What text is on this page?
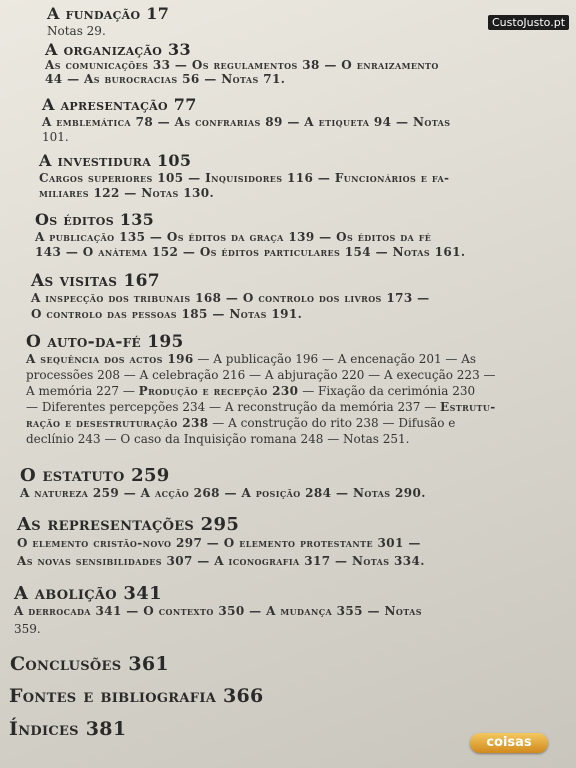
CustoJusto.pt
coisas
A fundação 17
Notas 29.
A organização 33
As comunicações 33 — Os regulamentos 38 — O enraizamento
44 — As burocracias 56 — Notas 71.
A apresentação 77
A emblemática 78 — As confrarias 89 — A etiqueta 94 — Notas
101.
A investidura 105
Cargos superiores 105 — Inquisidores 116 — Funcionários e fa-
miliares 122 — Notas 130.
Os éditos 135
A publicação 135 — Os éditos da graça 139 — Os éditos da fé
143 — O anátema 152 — Os éditos particulares 154 — Notas 161.
As visitas 167
A inspecção dos tribunais 168 — O controlo dos livros 173 —
O controlo das pessoas 185 — Notas 191.
O auto-da-fé 195
A sequência dos actos 196 — A publicação 196 — A encenação 201 — As
processões 208 — A celebração 216 — A abjuração 220 — A execução 223 —
A memória 227 — Produção e recepção 230 — Fixação da cerimónia 230
— Diferentes percepções 234 — A reconstrução da memória 237 — Estrutu-
ração e desestruturação 238 — A construção do rito 238 — Difusão e
declínio 243 — O caso da Inquisição romana 248 — Notas 251.
O estatuto 259
A natureza 259 — A acção 268 — A posição 284 — Notas 290.
As representações 295
O elemento cristão-novo 297 — O elemento protestante 301 —
As novas sensibilidades 307 — A iconografia 317 — Notas 334.
A abolição 341
A derrocada 341 — O contexto 350 — A mudança 355 — Notas
359.
Conclusões 361
Fontes e bibliografia 366
Índices 381
